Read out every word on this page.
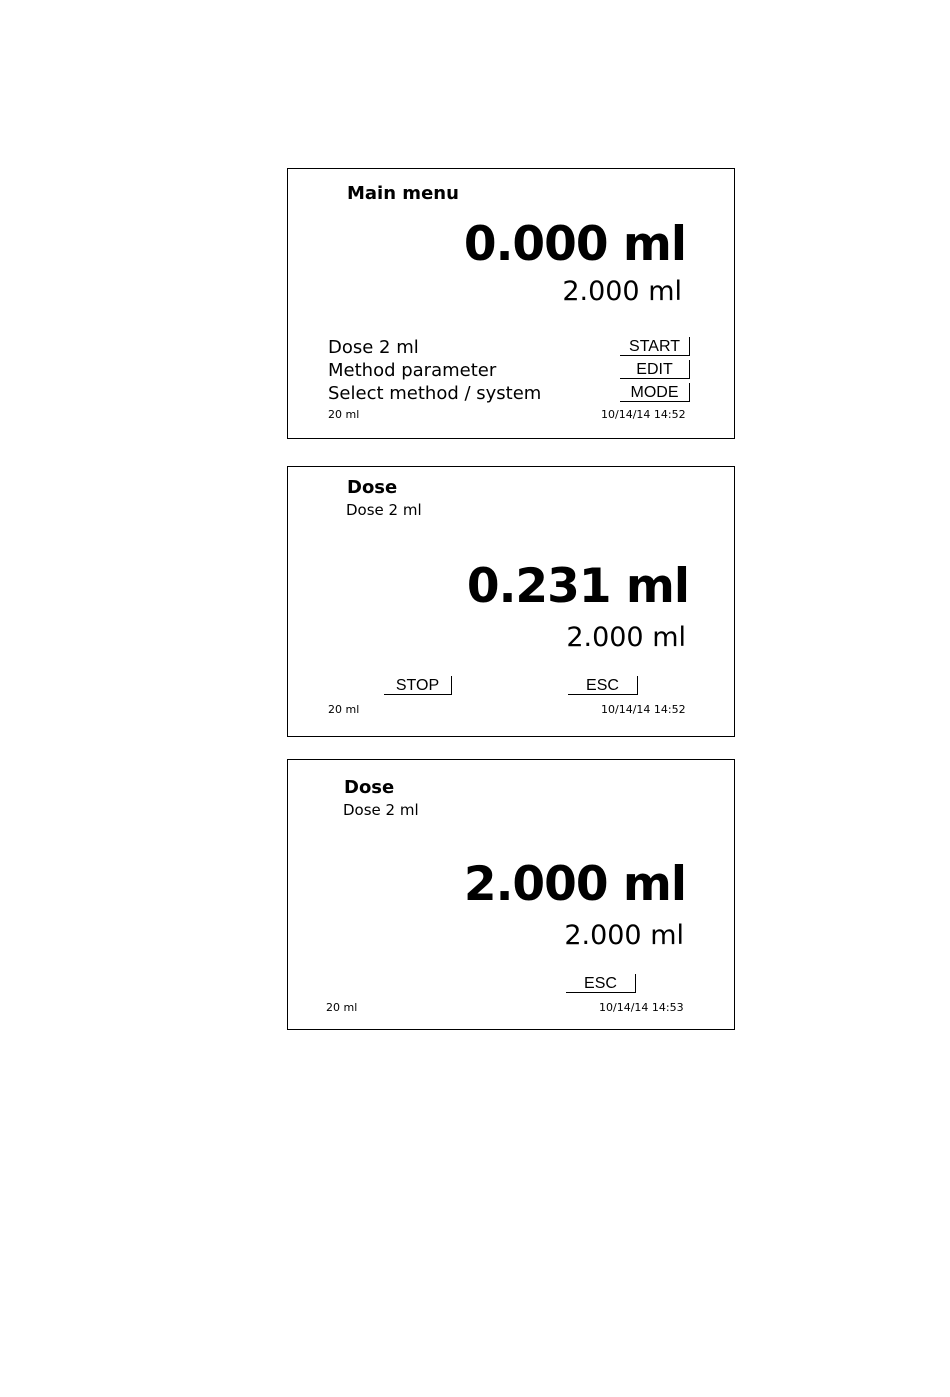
Main menu
0.000 ml
2.000 ml
Dose 2 ml
Method parameter
Select method / system
START
EDIT
MODE
20 ml	10/14/14 14:52
Dose
Dose 2 ml
0.231 ml
2.000 ml
STOP	ESC
20 ml	10/14/14 14:52
Dose
Dose 2 ml
2.000 ml
2.000 ml
ESC
20 ml	10/14/14 14:53
